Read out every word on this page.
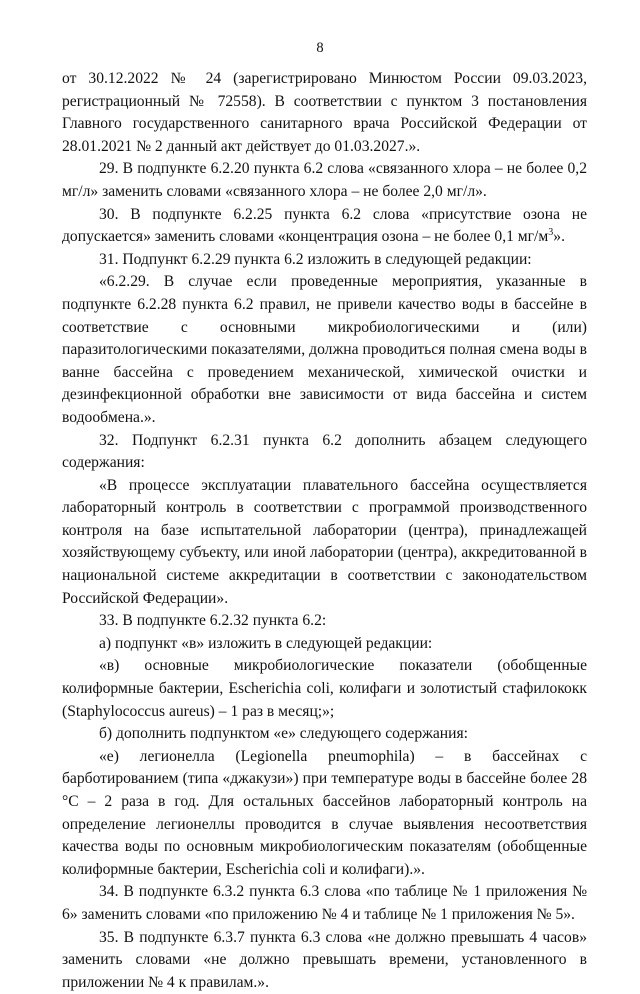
8

от 30.12.2022 № 24 (зарегистрировано Минюстом России 09.03.2023, регистрационный № 72558). В соответствии с пунктом 3 постановления Главного государственного санитарного врача Российской Федерации от 28.01.2021 № 2 данный акт действует до 01.03.2027.».

29. В подпункте 6.2.20 пункта 6.2 слова «связанного хлора – не более 0,2 мг/л» заменить словами «связанного хлора – не более 2,0 мг/л».

30. В подпункте 6.2.25 пункта 6.2 слова «присутствие озона не допускается» заменить словами «концентрация озона – не более 0,1 $мг/м^3$».

31. Подпункт 6.2.29 пункта 6.2 изложить в следующей редакции:

«6.2.29. В случае если проведенные мероприятия, указанные в подпункте 6.2.28 пункта 6.2 правил, не привели качество воды в бассейне в соответствие с основными микробиологическими и (или) паразитологическими показателями, должна проводиться полная смена воды в ванне бассейна с проведением механической, химической очистки и дезинфекционной обработки вне зависимости от вида бассейна и систем водообмена.».

32. Подпункт 6.2.31 пункта 6.2 дополнить абзацем следующего содержания:

«В процессе эксплуатации плавательного бассейна осуществляется лабораторный контроль в соответствии с программой производственного контроля на базе испытательной лаборатории (центра), принадлежащей хозяйствующему субъекту, или иной лаборатории (центра), аккредитованной в национальной системе аккредитации в соответствии с законодательством Российской Федерации».

33. В подпункте 6.2.32 пункта 6.2:

а) подпункт «в» изложить в следующей редакции:

«в) основные микробиологические показатели (обобщенные колиформные бактерии, Escherichia coli, колифаги и золотистый стафилококк (Staphylococcus aureus) – 1 раз в месяц;»;

б) дополнить подпунктом «е» следующего содержания:

«е) легионелла (Legionella pneumophila) – в бассейнах с барботированием (типа «джакузи») при температуре воды в бассейне более 28 °С – 2 раза в год. Для остальных бассейнов лабораторный контроль на определение легионеллы проводится в случае выявления несоответствия качества воды по основным микробиологическим показателям (обобщенные колиформные бактерии, Escherichia coli и колифаги).».

34. В подпункте 6.3.2 пункта 6.3 слова «по таблице № 1 приложения № 6» заменить словами «по приложению № 4 и таблице № 1 приложения № 5».

35. В подпункте 6.3.7 пункта 6.3 слова «не должно превышать 4 часов» заменить словами «не должно превышать времени, установленного в приложении № 4 к правилам.».
